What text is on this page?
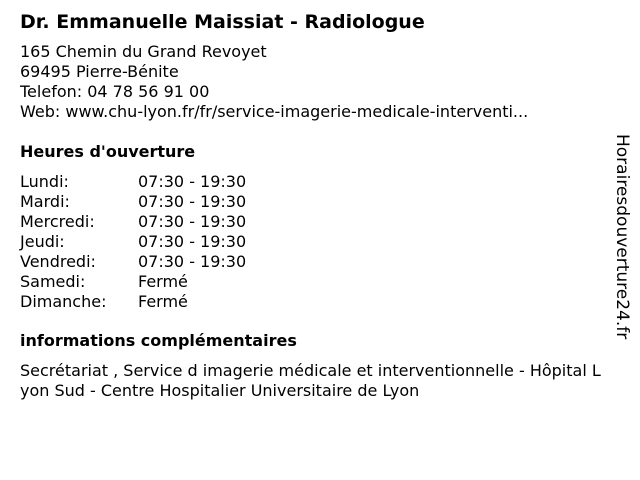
Dr. Emmanuelle Maissiat - Radiologue
165 Chemin du Grand Revoyet
69495 Pierre-Bénite
Telefon: 04 78 56 91 00
Web: www.chu-lyon.fr/fr/service-imagerie-medicale-interventi...
Heures d'ouverture
Lundi:	07:30 - 19:30
Mardi:	07:30 - 19:30
Mercredi:	07:30 - 19:30
Jeudi:	07:30 - 19:30
Vendredi:	07:30 - 19:30
Samedi:	Fermé
Dimanche:	Fermé
informations complémentaires
Secrétariat , Service d imagerie médicale et interventionnelle - Hôpital Lyon Sud - Centre Hospitalier Universitaire de Lyon
Horairesdouverture24.fr
